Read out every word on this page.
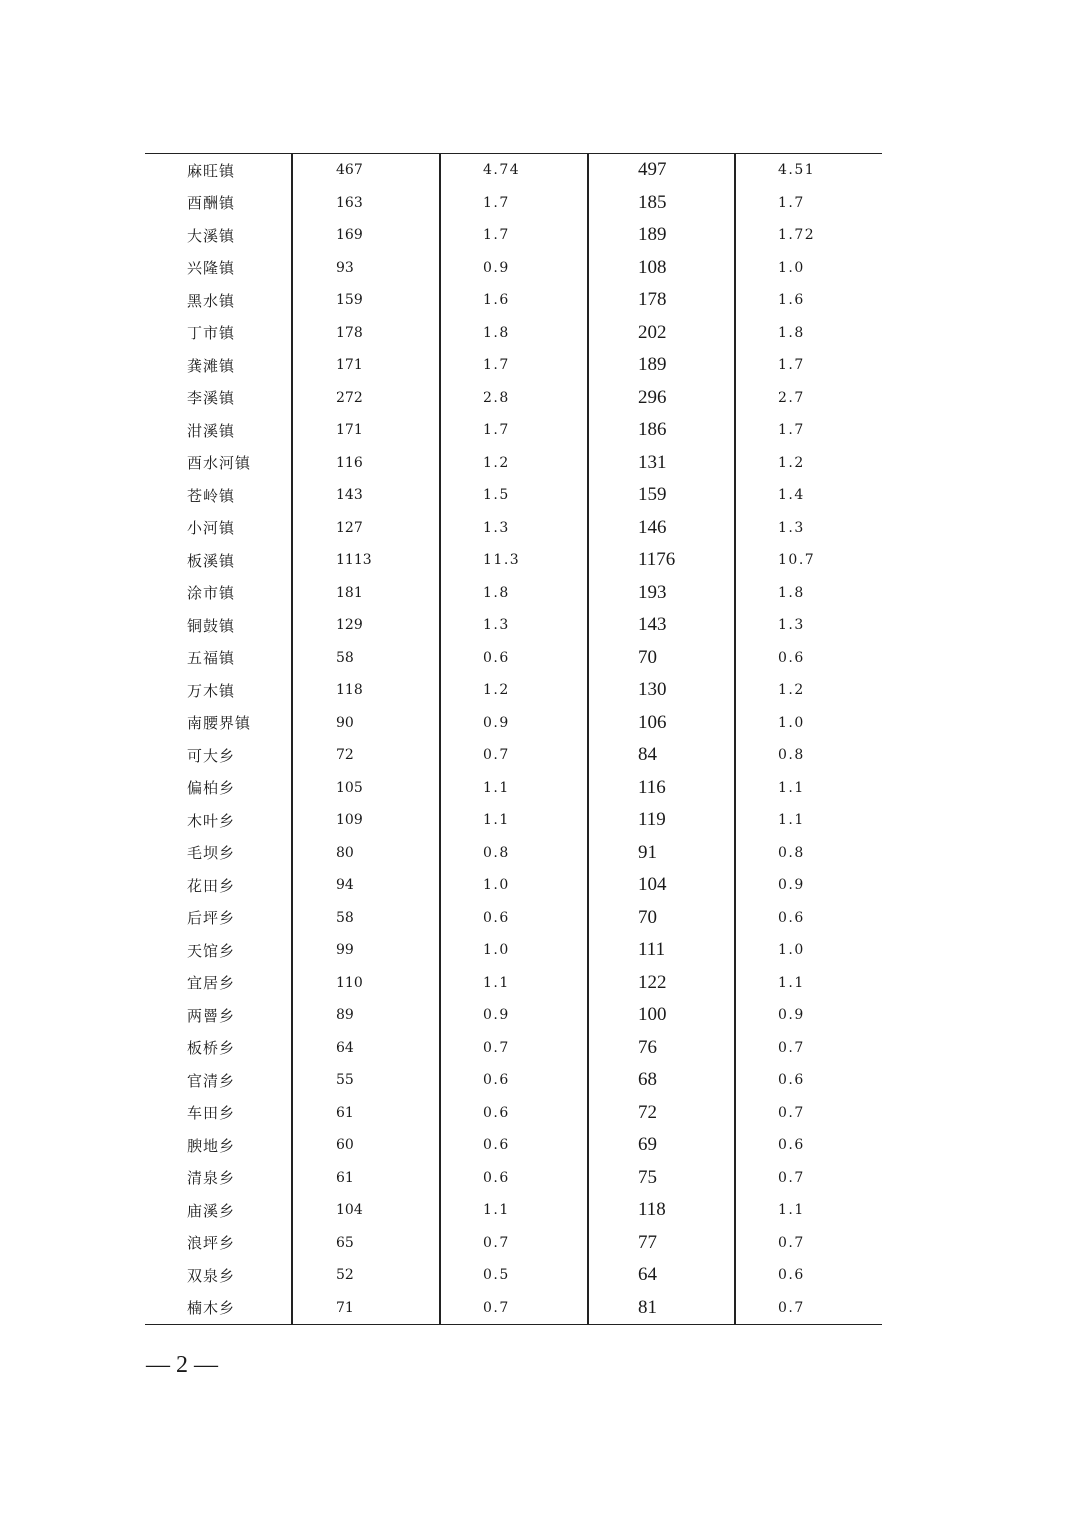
麻旺镇	467	4.74	497	4.51
酉酬镇	163	1.7	185	1.7
大溪镇	169	1.7	189	1.72
兴隆镇	93	0.9	108	1.0
黑水镇	159	1.6	178	1.6
丁市镇	178	1.8	202	1.8
龚滩镇	171	1.7	189	1.7
李溪镇	272	2.8	296	2.7
泔溪镇	171	1.7	186	1.7
酉水河镇	116	1.2	131	1.2
苍岭镇	143	1.5	159	1.4
小河镇	127	1.3	146	1.3
板溪镇	1113	11.3	1176	10.7
涂市镇	181	1.8	193	1.8
铜鼓镇	129	1.3	143	1.3
五福镇	58	0.6	70	0.6
万木镇	118	1.2	130	1.2
南腰界镇	90	0.9	106	1.0
可大乡	72	0.7	84	0.8
偏柏乡	105	1.1	116	1.1
木叶乡	109	1.1	119	1.1
毛坝乡	80	0.8	91	0.8
花田乡	94	1.0	104	0.9
后坪乡	58	0.6	70	0.6
天馆乡	99	1.0	111	1.0
宜居乡	110	1.1	122	1.1
两罾乡	89	0.9	100	0.9
板桥乡	64	0.7	76	0.7
官清乡	55	0.6	68	0.6
车田乡	61	0.6	72	0.7
腴地乡	60	0.6	69	0.6
清泉乡	61	0.6	75	0.7
庙溪乡	104	1.1	118	1.1
浪坪乡	65	0.7	77	0.7
双泉乡	52	0.5	64	0.6
楠木乡	71	0.7	81	0.7
— 2 —
